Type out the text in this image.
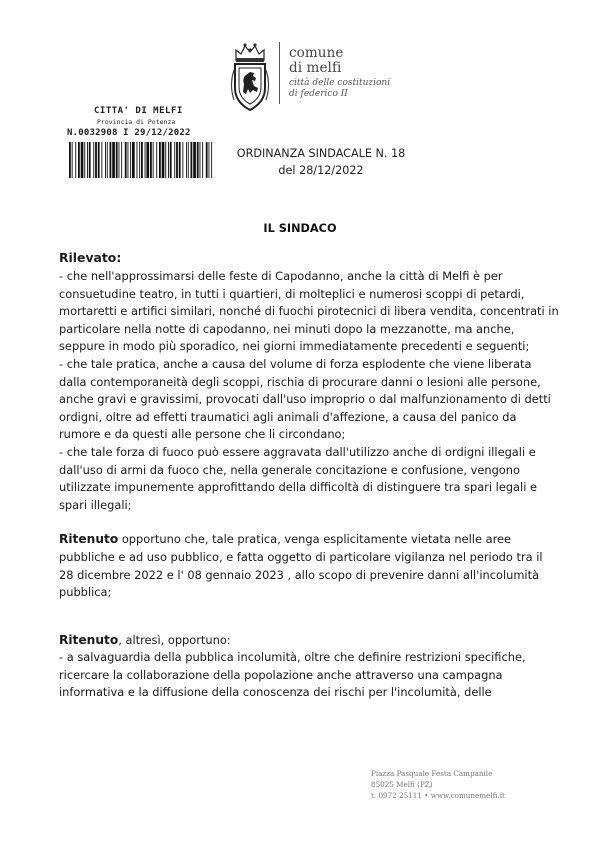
comune
di melfi
città delle costituzioni
di federico II
CITTA' DI MELFI
Provincia di Potenza
N.0032908 I 29/12/2022
ORDINANZA SINDACALE N. 18
del 28/12/2022
IL SINDACO

Rilevato:

- che nell'approssimarsi delle feste di Capodanno, anche la città di Melfi è per consuetudine teatro, in tutti i quartieri, di molteplici e numerosi scoppi di petardi, mortaretti e artifici similari, nonché di fuochi pirotecnici di libera vendita, concentrati in particolare nella notte di capodanno, nei minuti dopo la mezzanotte, ma anche, seppure in modo più sporadico, nei giorni immediatamente precedenti e seguenti;

- che tale pratica, anche a causa del volume di forza esplodente che viene liberata dalla contemporaneità degli scoppi, rischia di procurare danni o lesioni alle persone, anche gravi e gravissimi, provocati dall'uso improprio o dal malfunzionamento di detti ordigni, oltre ad effetti traumatici agli animali d'affezione, a causa del panico da rumore e da questi alle persone che li circondano;

- che tale forza di fuoco può essere aggravata dall'utilizzo anche di ordigni illegali e dall'uso di armi da fuoco che, nella generale concitazione e confusione, vengono utilizzate impunemente approfittando della difficoltà di distinguere tra spari legali e spari illegali;

Ritenuto opportuno che, tale pratica, venga esplicitamente vietata nelle aree pubbliche e ad uso pubblico, e fatta oggetto di particolare vigilanza nel periodo tra il 28 dicembre 2022 e l' 08 gennaio 2023 , allo scopo di prevenire danni all'incolumità pubblica;

Ritenuto, altresì, opportuno:

- a salvaguardia della pubblica incolumità, oltre che definire restrizioni specifiche, ricercare la collaborazione della popolazione anche attraverso una campagna informativa e la diffusione della conoscenza dei rischi per l'incolumità, delle

Piazza Pasquale Festa Campanile
85025 Melfi (PZ)
t. 0972 25111 • www.comunemelfi.it
